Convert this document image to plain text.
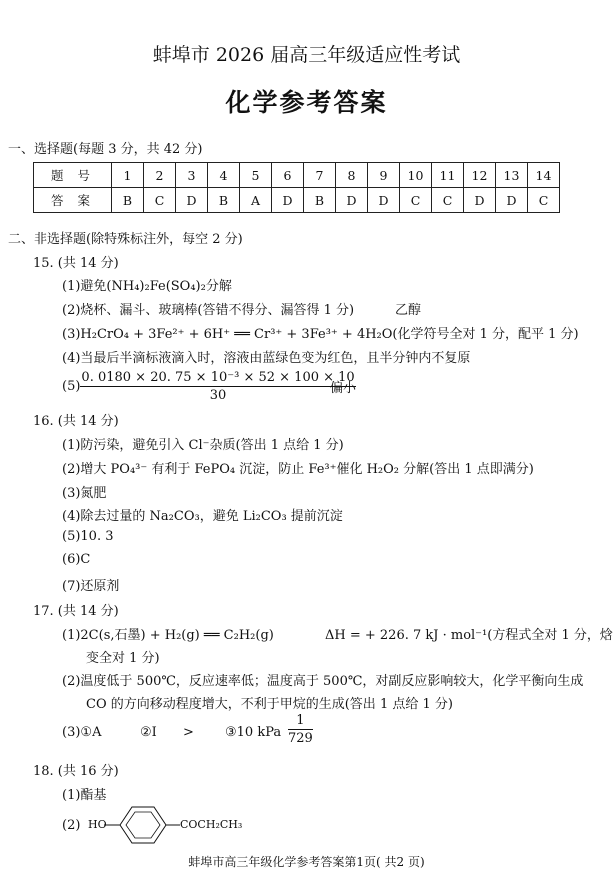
蚌埠市 2026 届高三年级适应性考试
化学参考答案
一、选择题(每题 3 分，共 42 分)
题号	1	2	3	4	5	6	7	8	9	10	11	12	13	14
答案	B	C	D	B	A	D	B	D	D	C	C	D	D	C
二、非选择题(除特殊标注外，每空 2 分)
15. (共 14 分)
(1)避免(NH₄)₂Fe(SO₄)₂分解
(2)烧杯、漏斗、玻璃棒(答错不得分、漏答得 1 分)	乙醇
(3)H₂CrO₄ + 3Fe²⁺ + 6H⁺ ══ Cr³⁺ + 3Fe³⁺ + 4H₂O(化学符号全对 1 分，配平 1 分)
(4)当最后半滴标液滴入时，溶液由蓝绿色变为红色，且半分钟内不复原
$(5) \frac{\text{0. 0180 × 20. 75 × 10⁻³ × 52 × 100 × 10}}{30}$
偏小
16. (共 14 分)
(1)防污染，避免引入 Cl⁻杂质(答出 1 点给 1 分)
(2)增大 PO₄³⁻ 有利于 FePO₄ 沉淀，防止 Fe³⁺催化 H₂O₂ 分解(答出 1 点即满分)
(3)氮肥
(4)除去过量的 Na₂CO₃，避免 Li₂CO₃ 提前沉淀
(5)10. 3
(6)C
(7)还原剂
17. (共 14 分)
(1)2C(s,石墨) + H₂(g) ══ C₂H₂(g)	ΔH = + 226. 7 kJ · mol⁻¹(方程式全对 1 分，焓
变全对 1 分)
(2)温度低于 500℃，反应速率低；温度高于 500℃，对副反应影响较大，化学平衡向生成
CO 的方向移动程度增大，不利于甲烷的生成(答出 1 点给 1 分)
(3)①A	②Ⅰ > ③10 kPa $\frac{1}{729}$
18. (共 16 分)
(1)酯基
(2) HO	COCH₂CH₃
蚌埠市高三年级化学参考答案第1页( 共2 页)
